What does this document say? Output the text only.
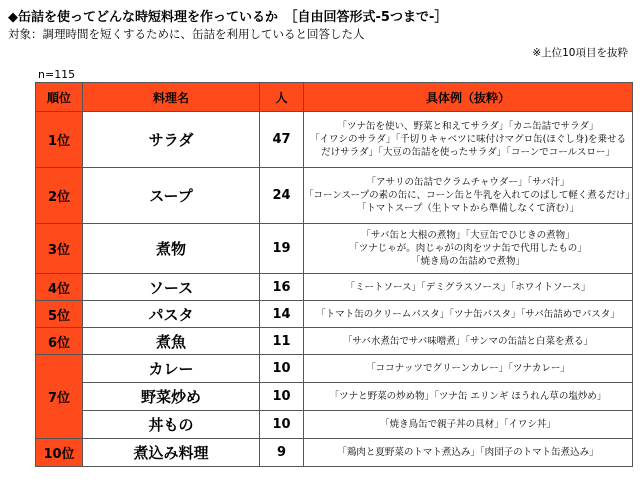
◆缶詰を使ってどんな時短料理を作っているか　［自由回答形式-5つまで-］
対象：調理時間を短くするために、缶詰を利用していると回答した人
※上位10項目を抜粋
n=115
順位	料理名	人	具体例（抜粋）
1位	サラダ	47	「ツナ缶を使い、野菜と和えてサラダ」「カニ缶詰でサラダ」
「イワシのサラダ」「千切りキャベツに味付けマグロ缶(ほぐし身)を乗せる
だけサラダ」「大豆の缶詰を使ったサラダ」「コーンでコールスロー」

2位	スープ	24	「アサリの缶詰でクラムチャウダー」「サバ汁」
「コーンスープの素の缶に、コーン缶と牛乳を入れてのばして軽く煮るだけ」
「トマトスープ（生トマトから準備しなくて済む）」

3位	煮物	19	「サバ缶と大根の煮物」「大豆缶でひじきの煮物」
「ツナじゃが。肉じゃがの肉をツナ缶で代用したもの」
「焼き鳥の缶詰めで煮物」

4位	ソース	16	「ミートソース」「デミグラスソース」「ホワイトソース」

5位	パスタ	14	「トマト缶のクリームパスタ」「ツナ缶パスタ」「サバ缶詰めでパスタ」

6位	煮魚	11	「サバ水煮缶でサバ味噌煮」「サンマの缶詰と白菜を煮る」

7位	カレー	10	「ココナッツでグリーンカレー」「ツナカレー」

	野菜炒め	10	「ツナと野菜の炒め物」「ツナ缶 エリンギ ほうれん草の塩炒め」

	丼もの	10	「焼き鳥缶で親子丼の具材」「イワシ丼」

10位	煮込み料理	9	「鶏肉と夏野菜のトマト煮込み」「肉団子のトマト缶煮込み」
